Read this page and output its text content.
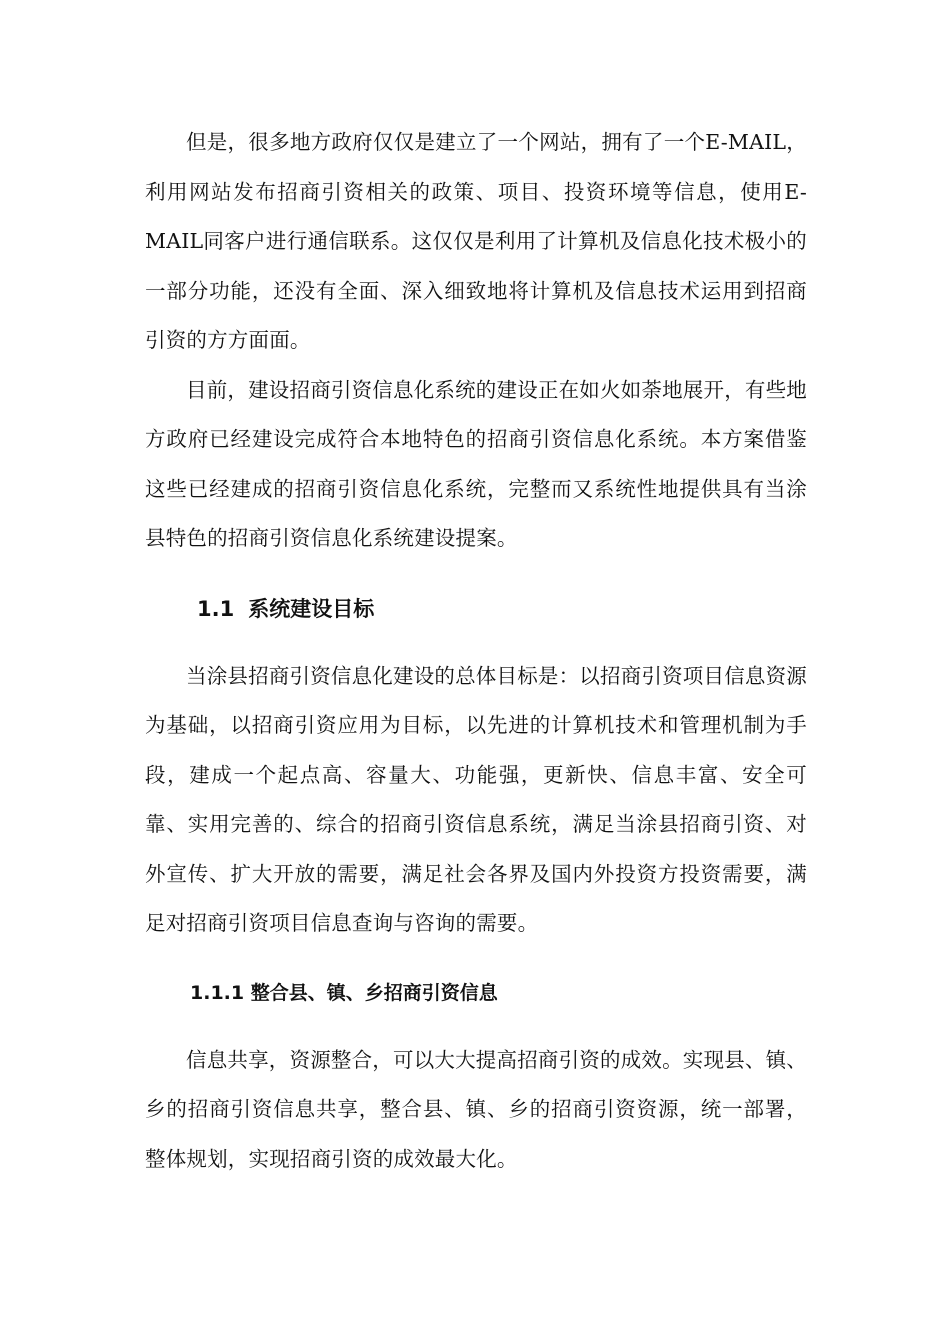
但是，很多地方政府仅仅是建立了一个网站，拥有了一个E-MAIL，利用网站发布招商引资相关的政策、项目、投资环境等信息，使用E-MAIL同客户进行通信联系。这仅仅是利用了计算机及信息化技术极小的一部分功能，还没有全面、深入细致地将计算机及信息技术运用到招商引资的方方面面。

目前，建设招商引资信息化系统的建设正在如火如荼地展开，有些地方政府已经建设完成符合本地特色的招商引资信息化系统。本方案借鉴这些已经建成的招商引资信息化系统，完整而又系统性地提供具有当涂县特色的招商引资信息化系统建设提案。

1.1 系统建设目标

当涂县招商引资信息化建设的总体目标是：以招商引资项目信息资源为基础，以招商引资应用为目标，以先进的计算机技术和管理机制为手段，建成一个起点高、容量大、功能强，更新快、信息丰富、安全可靠、实用完善的、综合的招商引资信息系统，满足当涂县招商引资、对外宣传、扩大开放的需要，满足社会各界及国内外投资方投资需要，满足对招商引资项目信息查询与咨询的需要。

1.1.1 整合县、镇、乡招商引资信息

信息共享，资源整合，可以大大提高招商引资的成效。实现县、镇、乡的招商引资信息共享，整合县、镇、乡的招商引资资源，统一部署，整体规划，实现招商引资的成效最大化。
